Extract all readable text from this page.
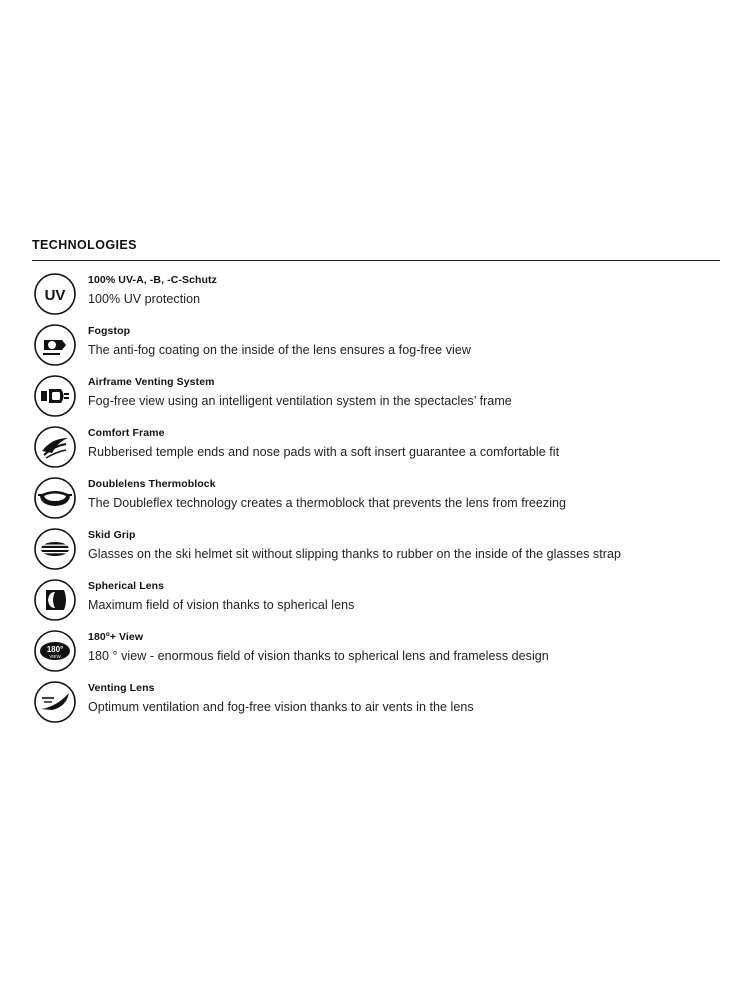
TECHNOLOGIES
UV
100% UV-A, -B, -C-Schutz
100% UV protection
Fogstop
The anti-fog coating on the inside of the lens ensures a fog-free view
Airframe Venting System
Fog-free view using an intelligent ventilation system in the spectacles’ frame
Comfort Frame
Rubberised temple ends and nose pads with a soft insert guarantee a comfortable fit
Doublelens Thermoblock
The Doubleflex technology creates a thermoblock that prevents the lens from freezing
Skid Grip
Glasses on the ski helmet sit without slipping thanks to rubber on the inside of the glasses strap
Spherical Lens
Maximum field of vision thanks to spherical lens
180°
VIEW
180º+ View
180 ° view - enormous field of vision thanks to spherical lens and frameless design
Venting Lens
Optimum ventilation and fog-free vision thanks to air vents in the lens
